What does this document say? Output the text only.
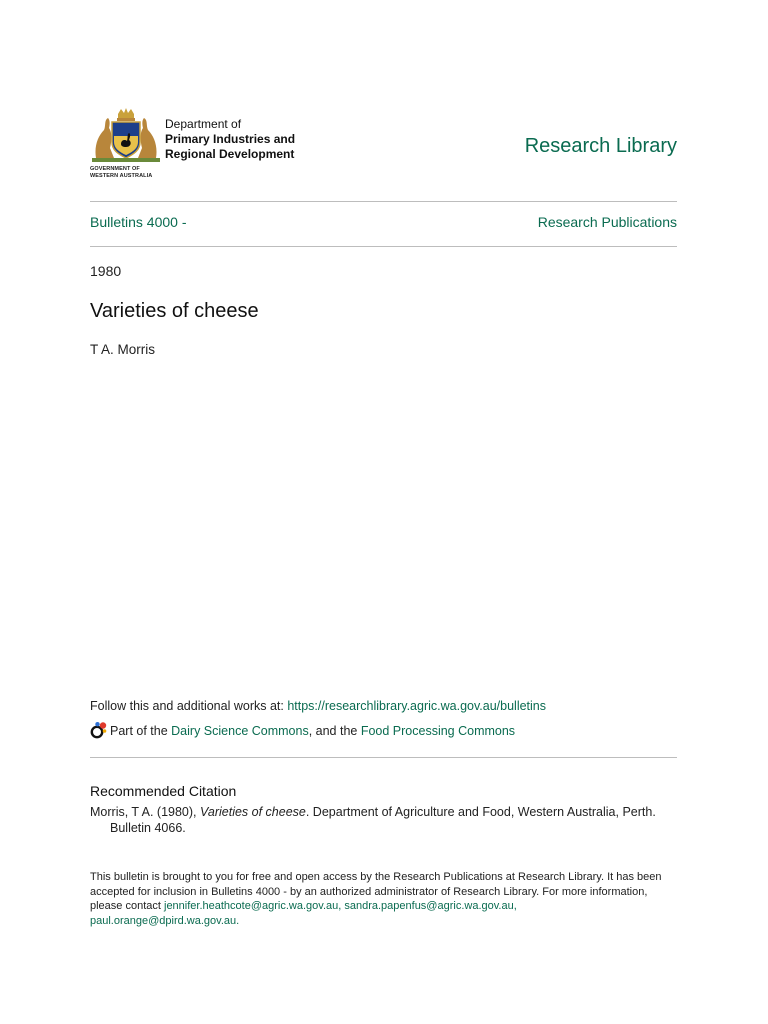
GOVERNMENT OF
WESTERN AUSTRALIA
Department of
Primary Industries and
Regional Development	Research Library
Bulletins 4000 -	Research Publications
1980
Varieties of cheese
T A. Morris
Follow this and additional works at: https://researchlibrary.agric.wa.gov.au/bulletins
Part of the Dairy Science Commons, and the Food Processing Commons
Recommended Citation
Morris, T A. (1980), Varieties of cheese. Department of Agriculture and Food, Western Australia, Perth.
Bulletin 4066.
This bulletin is brought to you for free and open access by the Research Publications at Research Library. It has been accepted for inclusion in Bulletins 4000 - by an authorized administrator of Research Library. For more information, please contact jennifer.heathcote@agric.wa.gov.au, sandra.papenfus@agric.wa.gov.au,
paul.orange@dpird.wa.gov.au.
